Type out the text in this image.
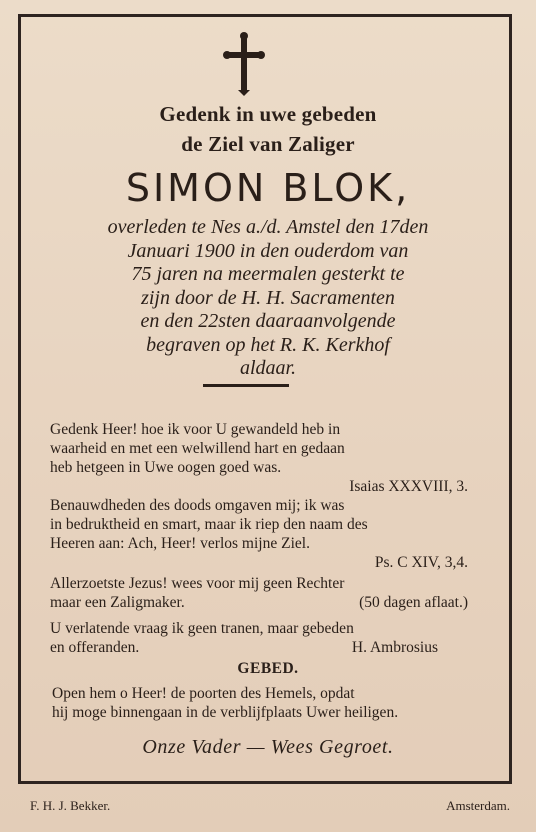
Gedenk in uwe gebeden
de Ziel van Zaliger
SIMON BLOK,
overleden te Nes a./d. Amstel den 17den
Januari 1900 in den ouderdom van
75 jaren na meermalen gesterkt te
zijn door de H. H. Sacramenten
en den 22sten daaraanvolgende
begraven op het R. K. Kerkhof
aldaar.
Gedenk Heer! hoe ik voor U gewandeld heb in
waarheid en met een welwillend hart en gedaan
heb hetgeen in Uwe oogen goed was.
Isaias XXXVIII, 3.
Benauwdheden des doods omgaven mij; ik was
in bedruktheid en smart, maar ik riep den naam des
Heeren aan: Ach, Heer! verlos mijne Ziel.
Ps. C XIV, 3,4.
Allerzoetste Jezus! wees voor mij geen Rechter
maar een Zaligmaker.	(50 dagen aflaat.)
U verlatende vraag ik geen tranen, maar gebeden
en offeranden.	H. Ambrosius
GEBED.
Open hem o Heer! de poorten des Hemels, opdat
hij moge binnengaan in de verblijfplaats Uwer heiligen.
Onze Vader — Wees Gegroet.
F. H. J. Bekker.	Amsterdam.
